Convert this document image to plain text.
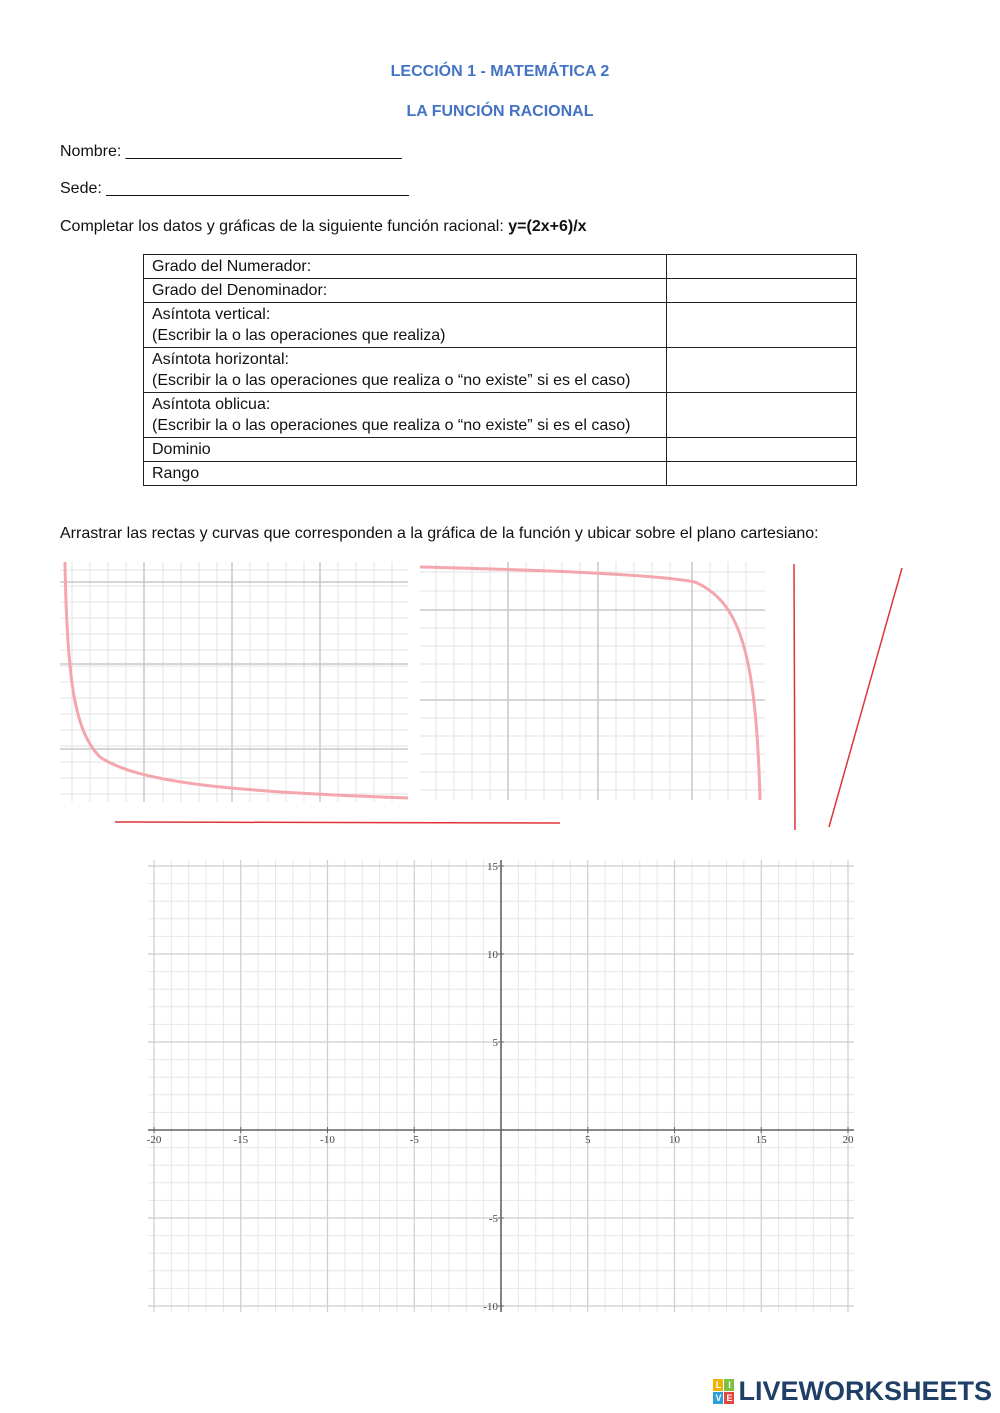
LECCIÓN 1 - MATEMÁTICA 2
LA FUNCIÓN RACIONAL
Nombre: _______________________________
Sede: __________________________________
Completar los datos y gráficas de la siguiente función racional: y=(2x+6)/x
Grado del Numerador:	
Grado del Denominador:	
Asíntota vertical:
(Escribir la o las operaciones que realiza)	
Asíntota horizontal:
(Escribir la o las operaciones que realiza o “no existe” si es el caso)	
Asíntota oblicua:
(Escribir la o las operaciones que realiza o “no existe” si es el caso)	
Dominio	
Rango	
Arrastrar las rectas y curvas que corresponden a la gráfica de la función y ubicar sobre el plano cartesiano:
-20	-15	-10	-5	5	10	15	20
15
10
5
-5
-10
L I
V E LIVEWORKSHEETS
